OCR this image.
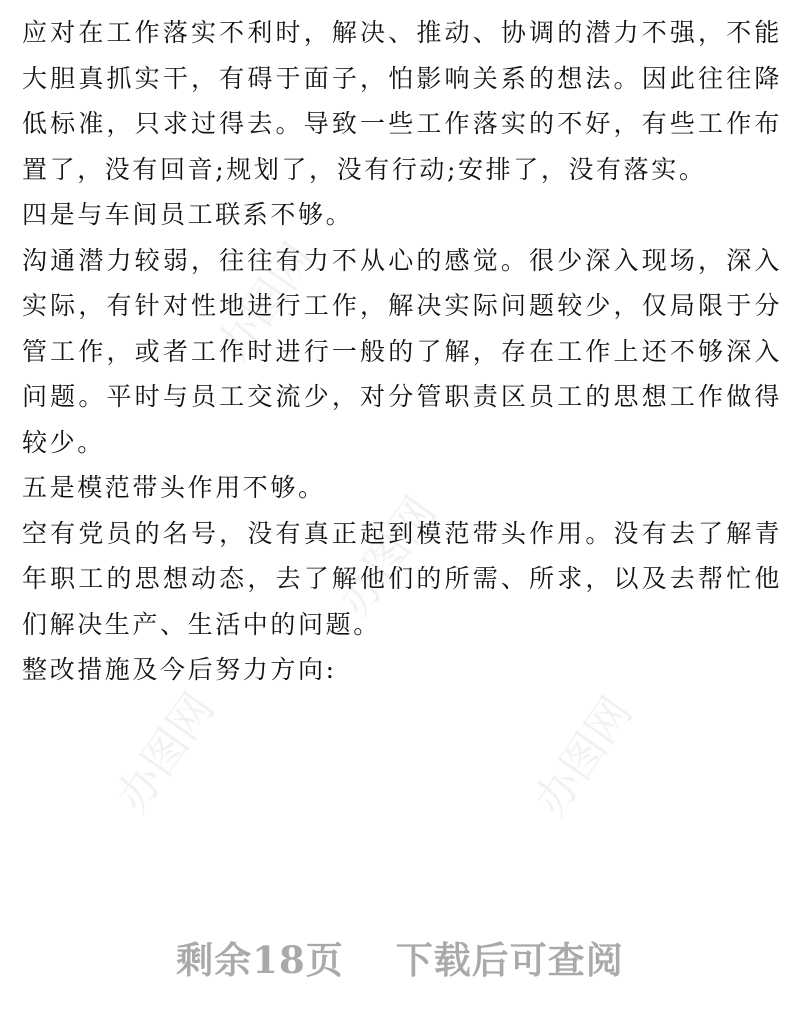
办图网
办图网
办图网	办图网

应对在工作落实不利时，解决、推动、协调的潜力不强，不能大胆真抓实干，有碍于面子，怕影响关系的想法。因此往往降低标准，只求过得去。导致一些工作落实的不好，有些工作布置了，没有回音;规划了，没有行动;安排了，没有落实。

四是与车间员工联系不够。

沟通潜力较弱，往往有力不从心的感觉。很少深入现场，深入实际，有针对性地进行工作，解决实际问题较少，仅局限于分管工作，或者工作时进行一般的了解，存在工作上还不够深入问题。平时与员工交流少，对分管职责区员工的思想工作做得较少。

五是模范带头作用不够。

空有党员的名号，没有真正起到模范带头作用。没有去了解青年职工的思想动态，去了解他们的所需、所求，以及去帮忙他们解决生产、生活中的问题。

整改措施及今后努力方向:

剩余18页 下载后可查阅
